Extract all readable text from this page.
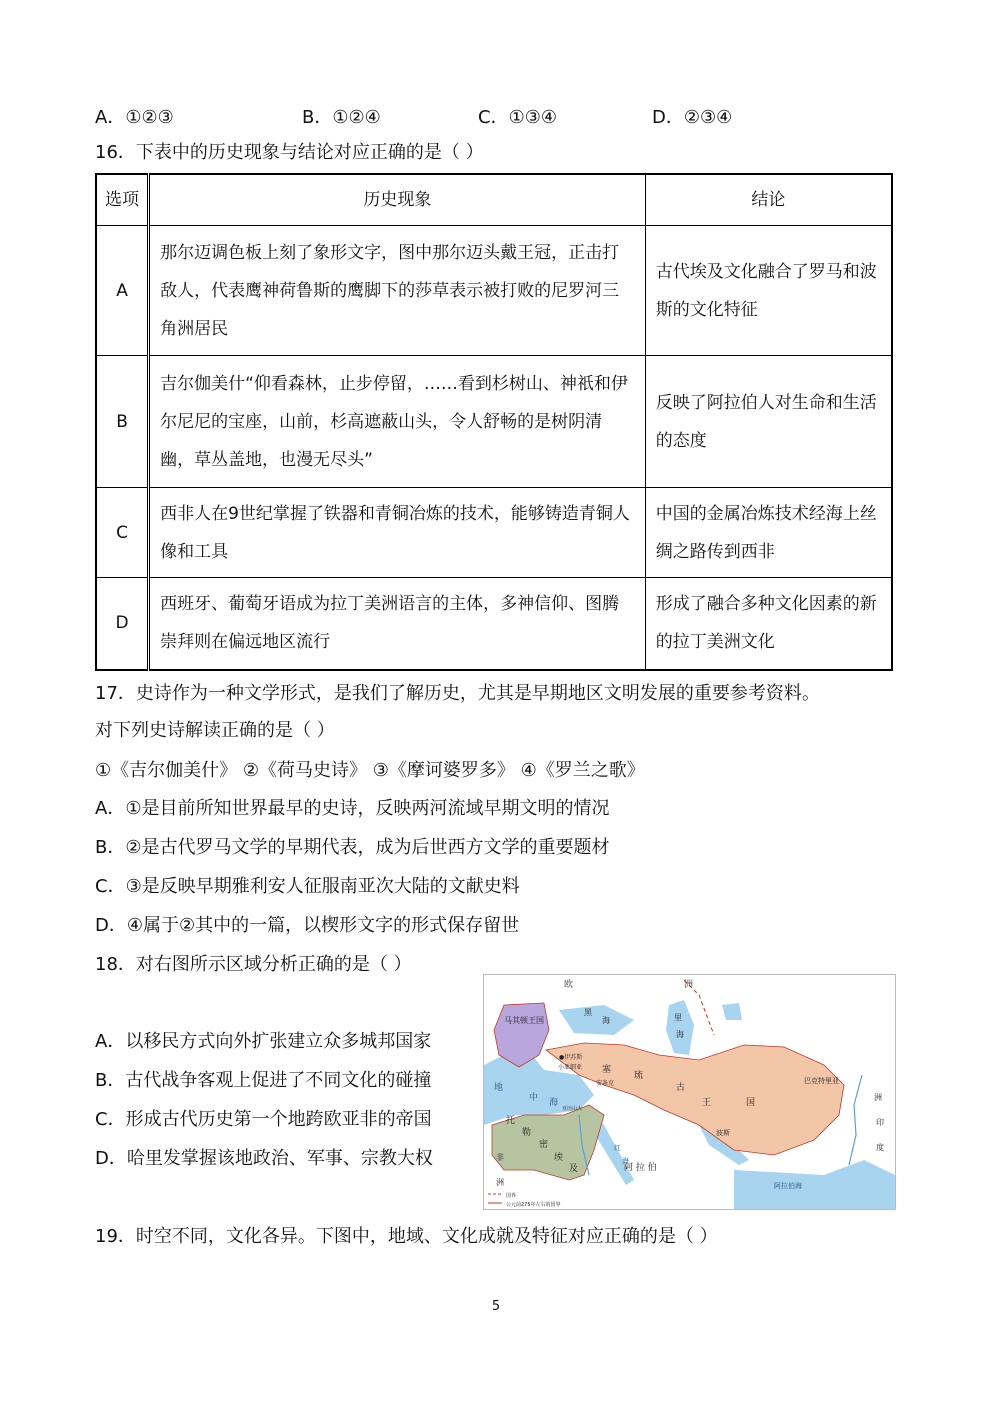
A．①②③	B．①②④	C．①③④	D．②③④
16．下表中的历史现象与结论对应正确的是（ ）
选项	历史现象	结论
A	那尔迈调色板上刻了象形文字，图中那尔迈头戴王冠，正击打敌人，代表鹰神荷鲁斯的鹰脚下的莎草表示被打败的尼罗河三角洲居民	古代埃及文化融合了罗马和波斯的文化特征

B	吉尔伽美什“仰看森林，止步停留，……看到杉树山、神祇和伊尔尼尼的宝座，山前，杉高遮蔽山头，令人舒畅的是树阴清幽，草丛盖地，也漫无尽头”	反映了阿拉伯人对生命和生活的态度

C	西非人在9世纪掌握了铁器和青铜冶炼的技术，能够铸造青铜人像和工具	中国的金属冶炼技术经海上丝绸之路传到西非

D	西班牙、葡萄牙语成为拉丁美洲语言的主体，多神信仰、图腾崇拜则在偏远地区流行	形成了融合多种文化因素的新的拉丁美洲文化
17．史诗作为一种文学形式，是我们了解历史，尤其是早期地区文明发展的重要参考资料。
对下列史诗解读正确的是（ ）
①《吉尔伽美什》 ②《荷马史诗》 ③《摩诃婆罗多》 ④《罗兰之歌》
A．①是目前所知世界最早的史诗，反映两河流域早期文明的情况
B．②是古代罗马文学的早期代表，成为后世西方文学的重要题材
C．③是反映早期雅利安人征服南亚次大陆的文献史料
D．④属于②其中的一篇，以楔形文字的形式保存留世
18．对右图所示区域分析正确的是（ ）
A．以移民方式向外扩张建立众多城邦国家
B．古代战争客观上促进了不同文化的碰撞
C．形成古代历史第一个地跨欧亚非的帝国
D．哈里发掌握该地政治、军事、宗教大权
欧	洲
马其顿王国
黑
海	里
海
●伊苏斯
小亚细亚 塞
琉
安条克	古
王	国
巴克特里亚
地
中 海
托
勒
密
埃
及
亚历山大
波斯
阿 拉 伯
非
洲
印
度
洲
阿拉伯海
红
海
国界
公元前275年左右的国界
19．时空不同，文化各异。下图中，地域、文化成就及特征对应正确的是（ ）
5
